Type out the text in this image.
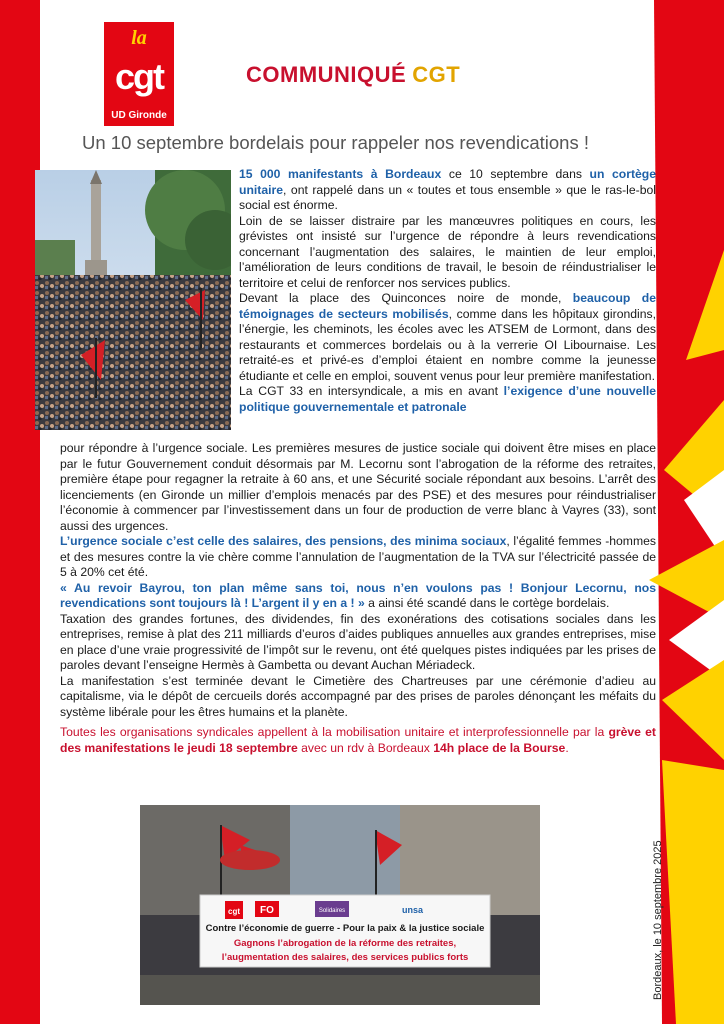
la
cgt
UD Gironde
COMMUNIQUÉ CGT
Un 10 septembre bordelais pour rappeler nos revendications !

15 000 manifestants à Bordeaux ce 10 septembre dans un cortège unitaire, ont rappelé dans un « toutes et tous ensemble » que le ras-le-bol social est énorme.

Loin de se laisser distraire par les manœuvres politiques en cours, les grévistes ont insisté sur l’urgence de répondre à leurs revendications concernant l’augmentation des salaires, le maintien de leur emploi, l’amélioration de leurs conditions de travail, le besoin de réindustrialiser le territoire et celui de renforcer nos services publics.

Devant la place des Quinconces noire de monde, beaucoup de témoignages de secteurs mobilisés, comme dans les hôpitaux girondins, l’énergie, les cheminots, les écoles avec les ATSEM de Lormont, dans des restaurants et commerces bordelais ou à la verrerie OI Libournaise. Les retraité-es et privé-es d’emploi étaient en nombre comme la jeunesse étudiante et celle en emploi, souvent venus pour leur première manifestation.

La CGT 33 en intersyndicale, a mis en avant l’exigence d’une nouvelle politique gouvernementale et patronale

pour répondre à l’urgence sociale. Les premières mesures de justice sociale qui doivent être mises en place par le futur Gouvernement conduit désormais par M. Lecornu sont l’abrogation de la réforme des retraites, première étape pour regagner la retraite à 60 ans, et une Sécurité sociale répondant aux besoins. L’arrêt des licenciements (en Gironde un millier d’emplois menacés par des PSE) et des mesures pour réindustrialiser l’économie à commencer par l’investissement dans un four de production de verre blanc à Vayres (33), sont aussi des urgences.

L’urgence sociale c’est celle des salaires, des pensions, des minima sociaux, l’égalité femmes -hommes et des mesures contre la vie chère comme l’annulation de l’augmentation de la TVA sur l’électricité passée de 5 à 20% cet été.

« Au revoir Bayrou, ton plan même sans toi, nous n’en voulons pas ! Bonjour Lecornu, nos revendications sont toujours là ! L’argent il y en a ! » a ainsi été scandé dans le cortège bordelais.

Taxation des grandes fortunes, des dividendes, fin des exonérations des cotisations sociales dans les entreprises, remise à plat des 211 milliards d’euros d’aides publiques annuelles aux grandes entreprises, mise en place d’une vraie progressivité de l’impôt sur le revenu, ont été quelques pistes indiquées par les prises de paroles devant l’enseigne Hermès à Gambetta ou devant Auchan Mériadeck.

La manifestation s’est terminée devant le Cimetière des Chartreuses par une cérémonie d’adieu au capitalisme, via le dépôt de cercueils dorés accompagné par des prises de paroles dénonçant les méfaits du système libérale pour les êtres humains et la planète.

Toutes les organisations syndicales appellent à la mobilisation unitaire et interprofessionnelle par la grève et des manifestations le jeudi 18 septembre avec un rdv à Bordeaux 14h place de la Bourse.

cgt FO	Solidaires	unsa
Contre l’économie de guerre - Pour la paix & la justice sociale
Gagnons l’abrogation de la réforme des retraites,
l’augmentation des salaires, des services publics forts	Bordeaux, le 10 septembre 2025
